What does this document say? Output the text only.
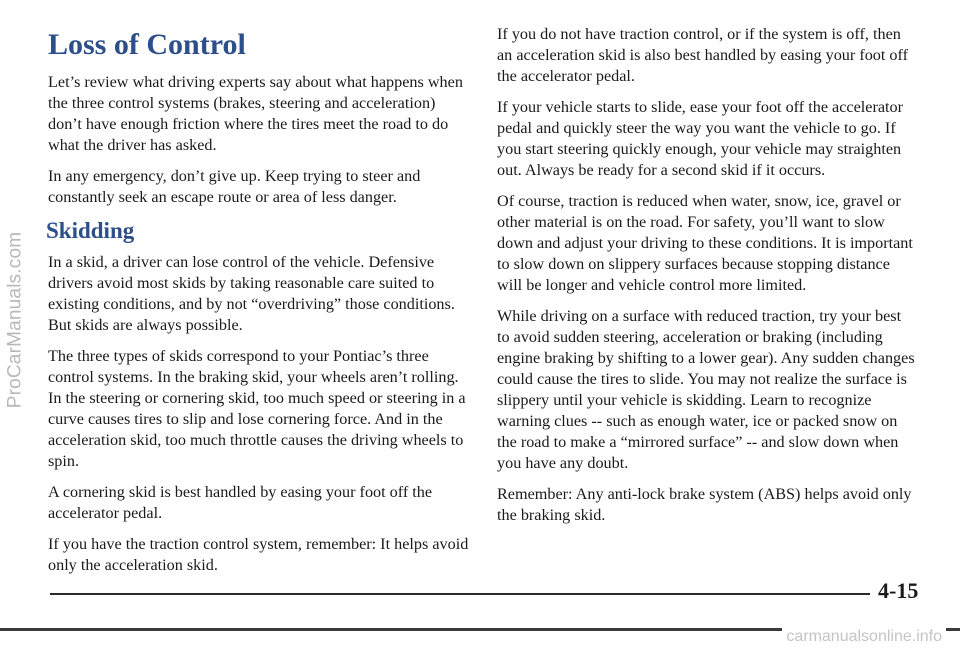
ProCarManuals.com
Loss of Control

Let’s review what driving experts say about what happens when the three control systems (brakes, steering and acceleration) don’t have enough friction where the tires meet the road to do what the driver has asked.

In any emergency, don’t give up. Keep trying to steer and constantly seek an escape route or area of less danger.

Skidding

In a skid, a driver can lose control of the vehicle. Defensive drivers avoid most skids by taking reasonable care suited to existing conditions, and by not “overdriving” those conditions. But skids are always possible.

The three types of skids correspond to your Pontiac’s three control systems. In the braking skid, your wheels aren’t rolling. In the steering or cornering skid, too much speed or steering in a curve causes tires to slip and lose cornering force. And in the acceleration skid, too much throttle causes the driving wheels to spin.

A cornering skid is best handled by easing your foot off the accelerator pedal.

If you have the traction control system, remember: It helps avoid only the acceleration skid.

If you do not have traction control, or if the system is off, then an acceleration skid is also best handled by easing your foot off the accelerator pedal.

If your vehicle starts to slide, ease your foot off the accelerator pedal and quickly steer the way you want the vehicle to go. If you start steering quickly enough, your vehicle may straighten out. Always be ready for a second skid if it occurs.

Of course, traction is reduced when water, snow, ice, gravel or other material is on the road. For safety, you’ll want to slow down and adjust your driving to these conditions. It is important to slow down on slippery surfaces because stopping distance will be longer and vehicle control more limited.

While driving on a surface with reduced traction, try your best to avoid sudden steering, acceleration or braking (including engine braking by shifting to a lower gear). Any sudden changes could cause the tires to slide. You may not realize the surface is slippery until your vehicle is skidding. Learn to recognize warning clues -- such as enough water, ice or packed snow on the road to make a “mirrored surface” -- and slow down when you have any doubt.

Remember: Any anti-lock brake system (ABS) helps avoid only the braking skid.

4-15
carmanualsonline.info
